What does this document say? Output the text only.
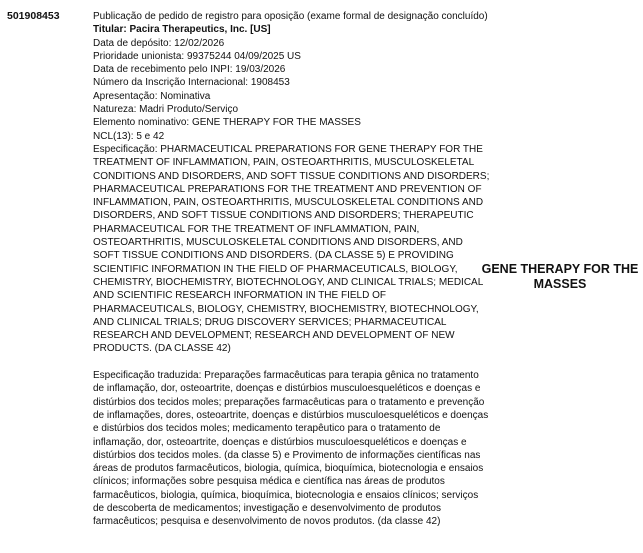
501908453	Publicação de pedido de registro para oposição (exame formal de designação concluído)
Titular: Pacira Therapeutics, Inc. [US]
Data de depósito: 12/02/2026
Prioridade unionista: 99375244 04/09/2025 US
Data de recebimento pelo INPI: 19/03/2026
Número da Inscrição Internacional: 1908453
Apresentação: Nominativa
Natureza: Madri Produto/Serviço
Elemento nominativo: GENE THERAPY FOR THE MASSES
NCL(13): 5 e 42
Especificação: PHARMACEUTICAL PREPARATIONS FOR GENE THERAPY FOR THE
TREATMENT OF INFLAMMATION, PAIN, OSTEOARTHRITIS, MUSCULOSKELETAL
CONDITIONS AND DISORDERS, AND SOFT TISSUE CONDITIONS AND DISORDERS;
PHARMACEUTICAL PREPARATIONS FOR THE TREATMENT AND PREVENTION OF
INFLAMMATION, PAIN, OSTEOARTHRITIS, MUSCULOSKELETAL CONDITIONS AND
DISORDERS, AND SOFT TISSUE CONDITIONS AND DISORDERS; THERAPEUTIC
PHARMACEUTICAL FOR THE TREATMENT OF INFLAMMATION, PAIN,
OSTEOARTHRITIS, MUSCULOSKELETAL CONDITIONS AND DISORDERS, AND
SOFT TISSUE CONDITIONS AND DISORDERS. (DA CLASSE 5) E PROVIDING
SCIENTIFIC INFORMATION IN THE FIELD OF PHARMACEUTICALS, BIOLOGY,
CHEMISTRY, BIOCHEMISTRY, BIOTECHNOLOGY, AND CLINICAL TRIALS; MEDICAL
AND SCIENTIFIC RESEARCH INFORMATION IN THE FIELD OF
PHARMACEUTICALS, BIOLOGY, CHEMISTRY, BIOCHEMISTRY, BIOTECHNOLOGY,
AND CLINICAL TRIALS; DRUG DISCOVERY SERVICES; PHARMACEUTICAL
RESEARCH AND DEVELOPMENT; RESEARCH AND DEVELOPMENT OF NEW
PRODUCTS. (DA CLASSE 42)
Especificação traduzida: Preparações farmacêuticas para terapia gênica no tratamento
de inflamação, dor, osteoartrite, doenças e distúrbios musculoesqueléticos e doenças e
distúrbios dos tecidos moles; preparações farmacêuticas para o tratamento e prevenção
de inflamações, dores, osteoartrite, doenças e distúrbios musculoesqueléticos e doenças
e distúrbios dos tecidos moles; medicamento terapêutico para o tratamento de
inflamação, dor, osteoartrite, doenças e distúrbios musculoesqueléticos e doenças e
distúrbios dos tecidos moles. (da classe 5) e Provimento de informações científicas nas
áreas de produtos farmacêuticos, biologia, química, bioquímica, biotecnologia e ensaios
clínicos; informações sobre pesquisa médica e científica nas áreas de produtos
farmacêuticos, biologia, química, bioquímica, biotecnologia e ensaios clínicos; serviços
de descoberta de medicamentos; investigação e desenvolvimento de produtos
farmacêuticos; pesquisa e desenvolvimento de novos produtos. (da classe 42)
GENE THERAPY FOR THE
MASSES
